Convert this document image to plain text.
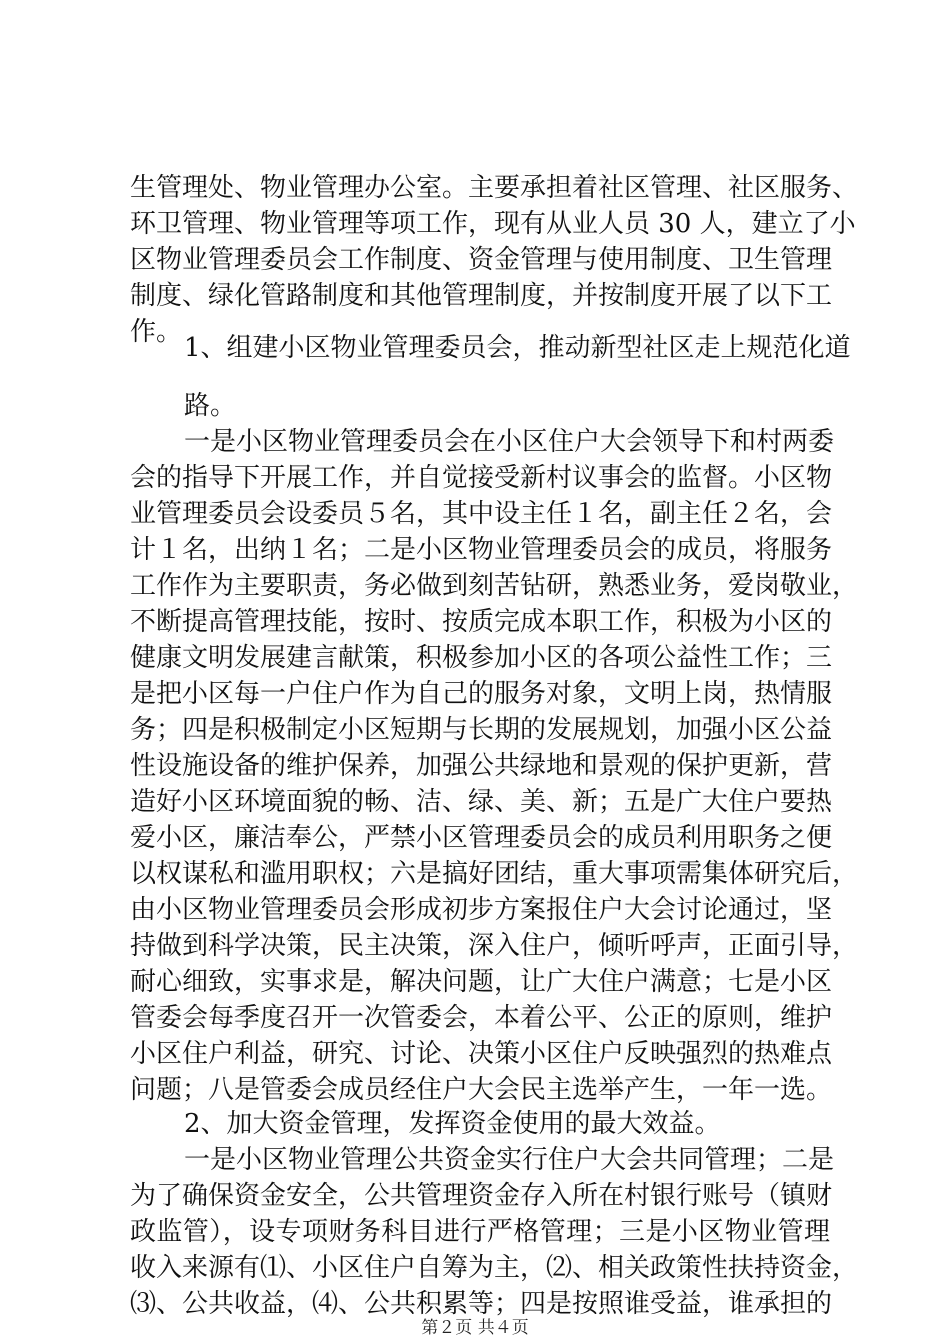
生管理处、物业管理办公室。主要承担着社区管理、社区服务、
环卫管理、物业管理等项工作，现有从业人员 30 人，建立了小
区物业管理委员会工作制度、资金管理与使用制度、卫生管理
制度、绿化管路制度和其他管理制度，并按制度开展了以下工
作。
1、组建小区物业管理委员会，推动新型社区走上规范化道
路。
一是小区物业管理委员会在小区住户大会领导下和村两委
会的指导下开展工作，并自觉接受新村议事会的监督。小区物
业管理委员会设委员５名，其中设主任１名，副主任２名，会
计１名，出纳１名；二是小区物业管理委员会的成员，将服务
工作作为主要职责，务必做到刻苦钻研，熟悉业务，爱岗敬业，
不断提高管理技能，按时、按质完成本职工作，积极为小区的
健康文明发展建言献策，积极参加小区的各项公益性工作；三
是把小区每一户住户作为自己的服务对象，文明上岗，热情服
务；四是积极制定小区短期与长期的发展规划，加强小区公益
性设施设备的维护保养，加强公共绿地和景观的保护更新，营
造好小区环境面貌的畅、洁、绿、美、新；五是广大住户要热
爱小区，廉洁奉公，严禁小区管理委员会的成员利用职务之便
以权谋私和滥用职权；六是搞好团结，重大事项需集体研究后，
由小区物业管理委员会形成初步方案报住户大会讨论通过，坚
持做到科学决策，民主决策，深入住户，倾听呼声，正面引导，
耐心细致，实事求是，解决问题，让广大住户满意；七是小区
管委会每季度召开一次管委会，本着公平、公正的原则，维护
小区住户利益，研究、讨论、决策小区住户反映强烈的热难点
问题；八是管委会成员经住户大会民主选举产生，一年一选。
2、加大资金管理，发挥资金使用的最大效益。
一是小区物业管理公共资金实行住户大会共同管理；二是
为了确保资金安全，公共管理资金存入所在村银行账号（镇财
政监管），设专项财务科目进行严格管理；三是小区物业管理
收入来源有⑴、小区住户自筹为主，⑵、相关政策性扶持资金，
⑶、公共收益，⑷、公共积累等；四是按照谁受益，谁承担的
第２页 共４页
